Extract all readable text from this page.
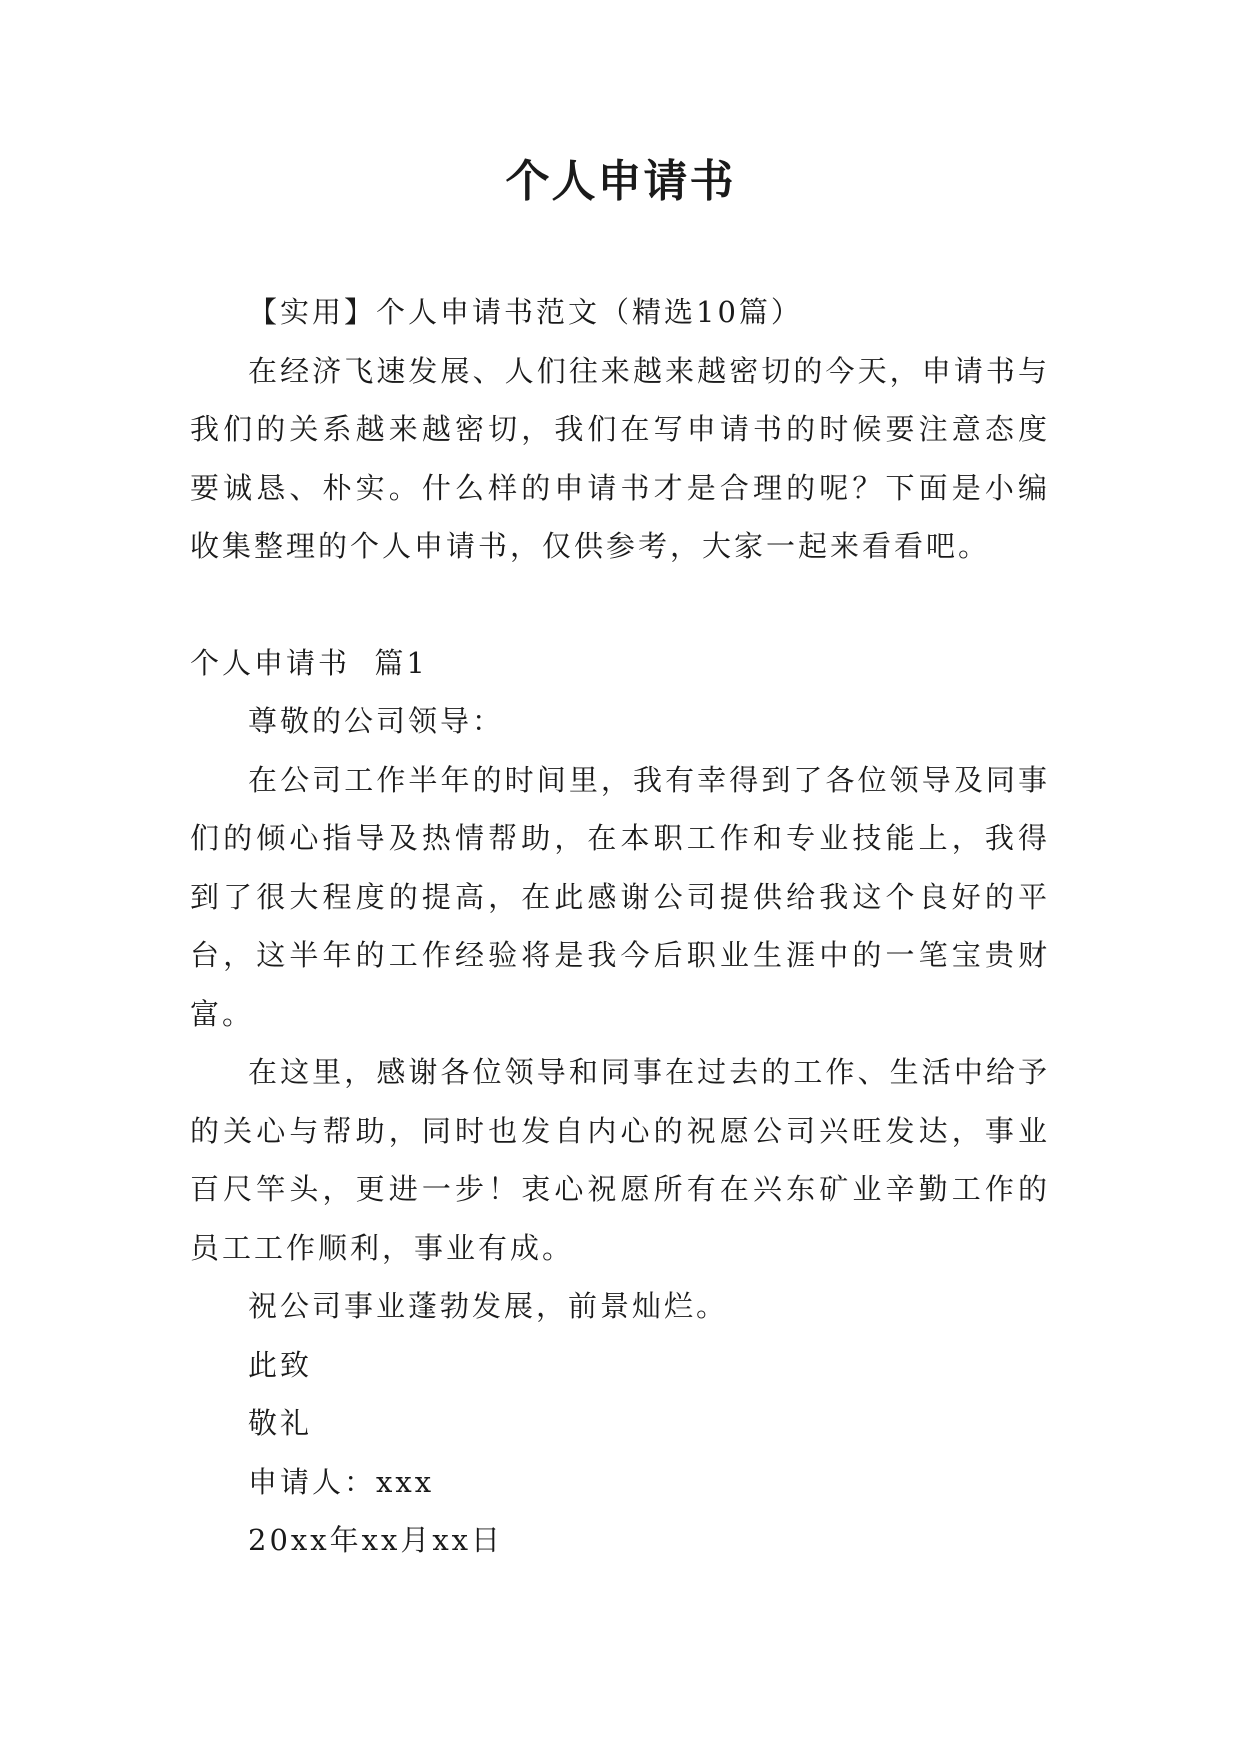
个人申请书

【实用】个人申请书范文（精选10篇）

在经济飞速发展、人们往来越来越密切的今天，申请书与我们的关系越来越密切，我们在写申请书的时候要注意态度要诚恳、朴实。什么样的申请书才是合理的呢？下面是小编收集整理的个人申请书，仅供参考，大家一起来看看吧。

个人申请书  篇1

尊敬的公司领导：

在公司工作半年的时间里，我有幸得到了各位领导及同事们的倾心指导及热情帮助，在本职工作和专业技能上，我得到了很大程度的提高，在此感谢公司提供给我这个良好的平台，这半年的工作经验将是我今后职业生涯中的一笔宝贵财富。

在这里，感谢各位领导和同事在过去的工作、生活中给予的关心与帮助，同时也发自内心的祝愿公司兴旺发达，事业百尺竿头，更进一步！衷心祝愿所有在兴东矿业辛勤工作的员工工作顺利，事业有成。

祝公司事业蓬勃发展，前景灿烂。

此致

敬礼

申请人：xxx

20xx年xx月xx日
